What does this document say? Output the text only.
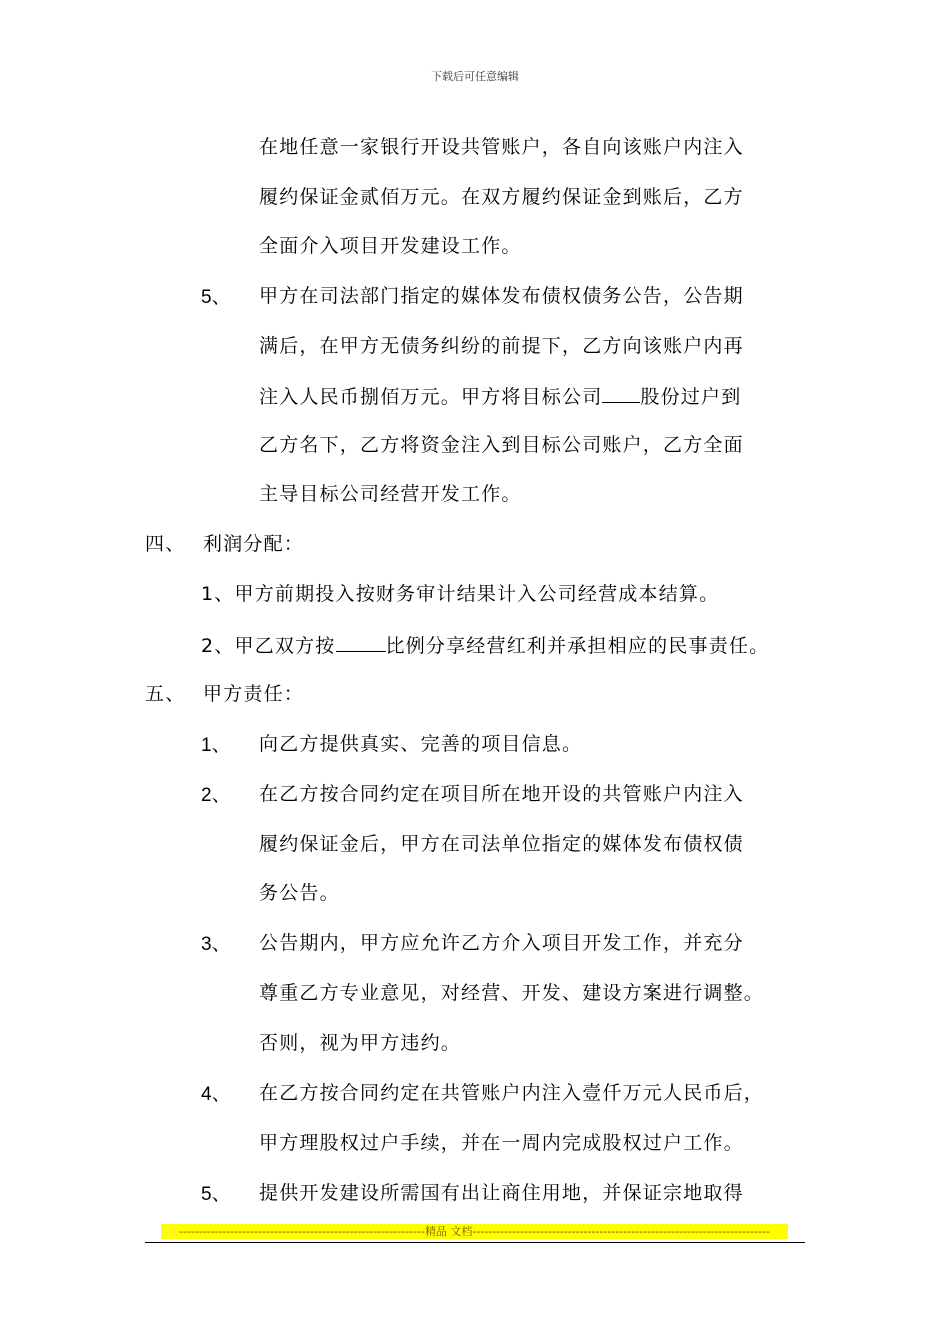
下载后可任意编辑
在地任意一家银行开设共管账户，各自向该账户内注入
履约保证金贰佰万元。在双方履约保证金到账后，乙方
全面介入项目开发建设工作。
5、 甲方在司法部门指定的媒体发布债权债务公告，公告期
满后，在甲方无债务纠纷的前提下，乙方向该账户内再
注入人民币捌佰万元。甲方将目标公司 股份过户到
乙方名下，乙方将资金注入到目标公司账户，乙方全面
主导目标公司经营开发工作。
四、 利润分配：
1、甲方前期投入按财务审计结果计入公司经营成本结算。
2、甲乙双方按	比例分享经营红利并承担相应的民事责任。
五、 甲方责任：
1、 向乙方提供真实、完善的项目信息。
2、 在乙方按合同约定在项目所在地开设的共管账户内注入
履约保证金后，甲方在司法单位指定的媒体发布债权债
务公告。
3、 公告期内，甲方应允许乙方介入项目开发工作，并充分
尊重乙方专业意见，对经营、开发、建设方案进行调整。
否则，视为甲方违约。
4、 在乙方按合同约定在共管账户内注入壹仟万元人民币后，
甲方理股权过户手续，并在一周内完成股权过户工作。
5、 提供开发建设所需国有出让商住用地，并保证宗地取得
--------------------------------------------------------------精品 文档---------------------------------------------------------------------------
